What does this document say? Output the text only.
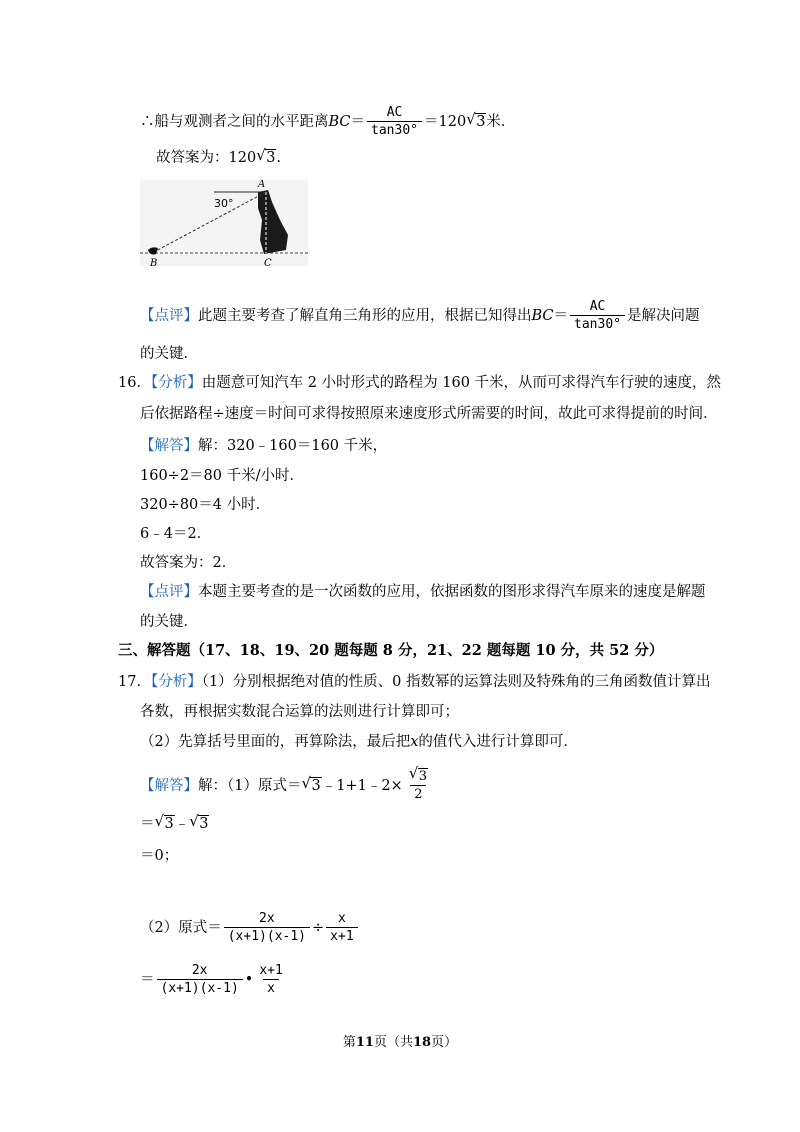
∴船与观测者之间的水平距离$BC= \frac{AC}{\tan 30^\circ} =120$ √ 3米．
故答案为：120 √ 3.
30°
A
B	C
【点评】此题主要考查了解直角三角形的应用，根据已知得出$BC= \frac{AC}{\tan 30^\circ}$ 是解决问题
的关键．
16．【分析】由题意可知汽车 2 小时形式的路程为 160 千米，从而可求得汽车行驶的速度，然
后依据路程÷速度＝时间可求得按照原来速度形式所需要的时间，故此可求得提前的时间．
【解答】解：320﹣160＝160 千米，
160÷2＝80 千米/小时．
320÷80＝4 小时．
6﹣4＝2．
故答案为：2．
【点评】本题主要考查的是一次函数的应用，依据函数的图形求得汽车原来的速度是解题
的关键．
三、解答题（17、18、19、20 题每题 8 分，21、22 题每题 10 分，共 52 分）
17．【分析】（1）分别根据绝对值的性质、0 指数幂的运算法则及特殊角的三角函数值计算出
各数，再根据实数混合运算的法则进行计算即可；
（2）先算括号里面的，再算除法，最后把x的值代入进行计算即可．
【解答】解：（1）原式＝ √ 3﹣1+1﹣2× $\frac{√ 3}{2}$
＝ √ 3﹣ √ 3
＝0；
（2）原式＝ $\frac{2x}{(x+1)(x-1)} \div \frac{x}{x+1}$
＝ $\frac{2x}{(x+1)(x-1)}$ • $\frac{x+1}{x}$
第11页（共18页）
